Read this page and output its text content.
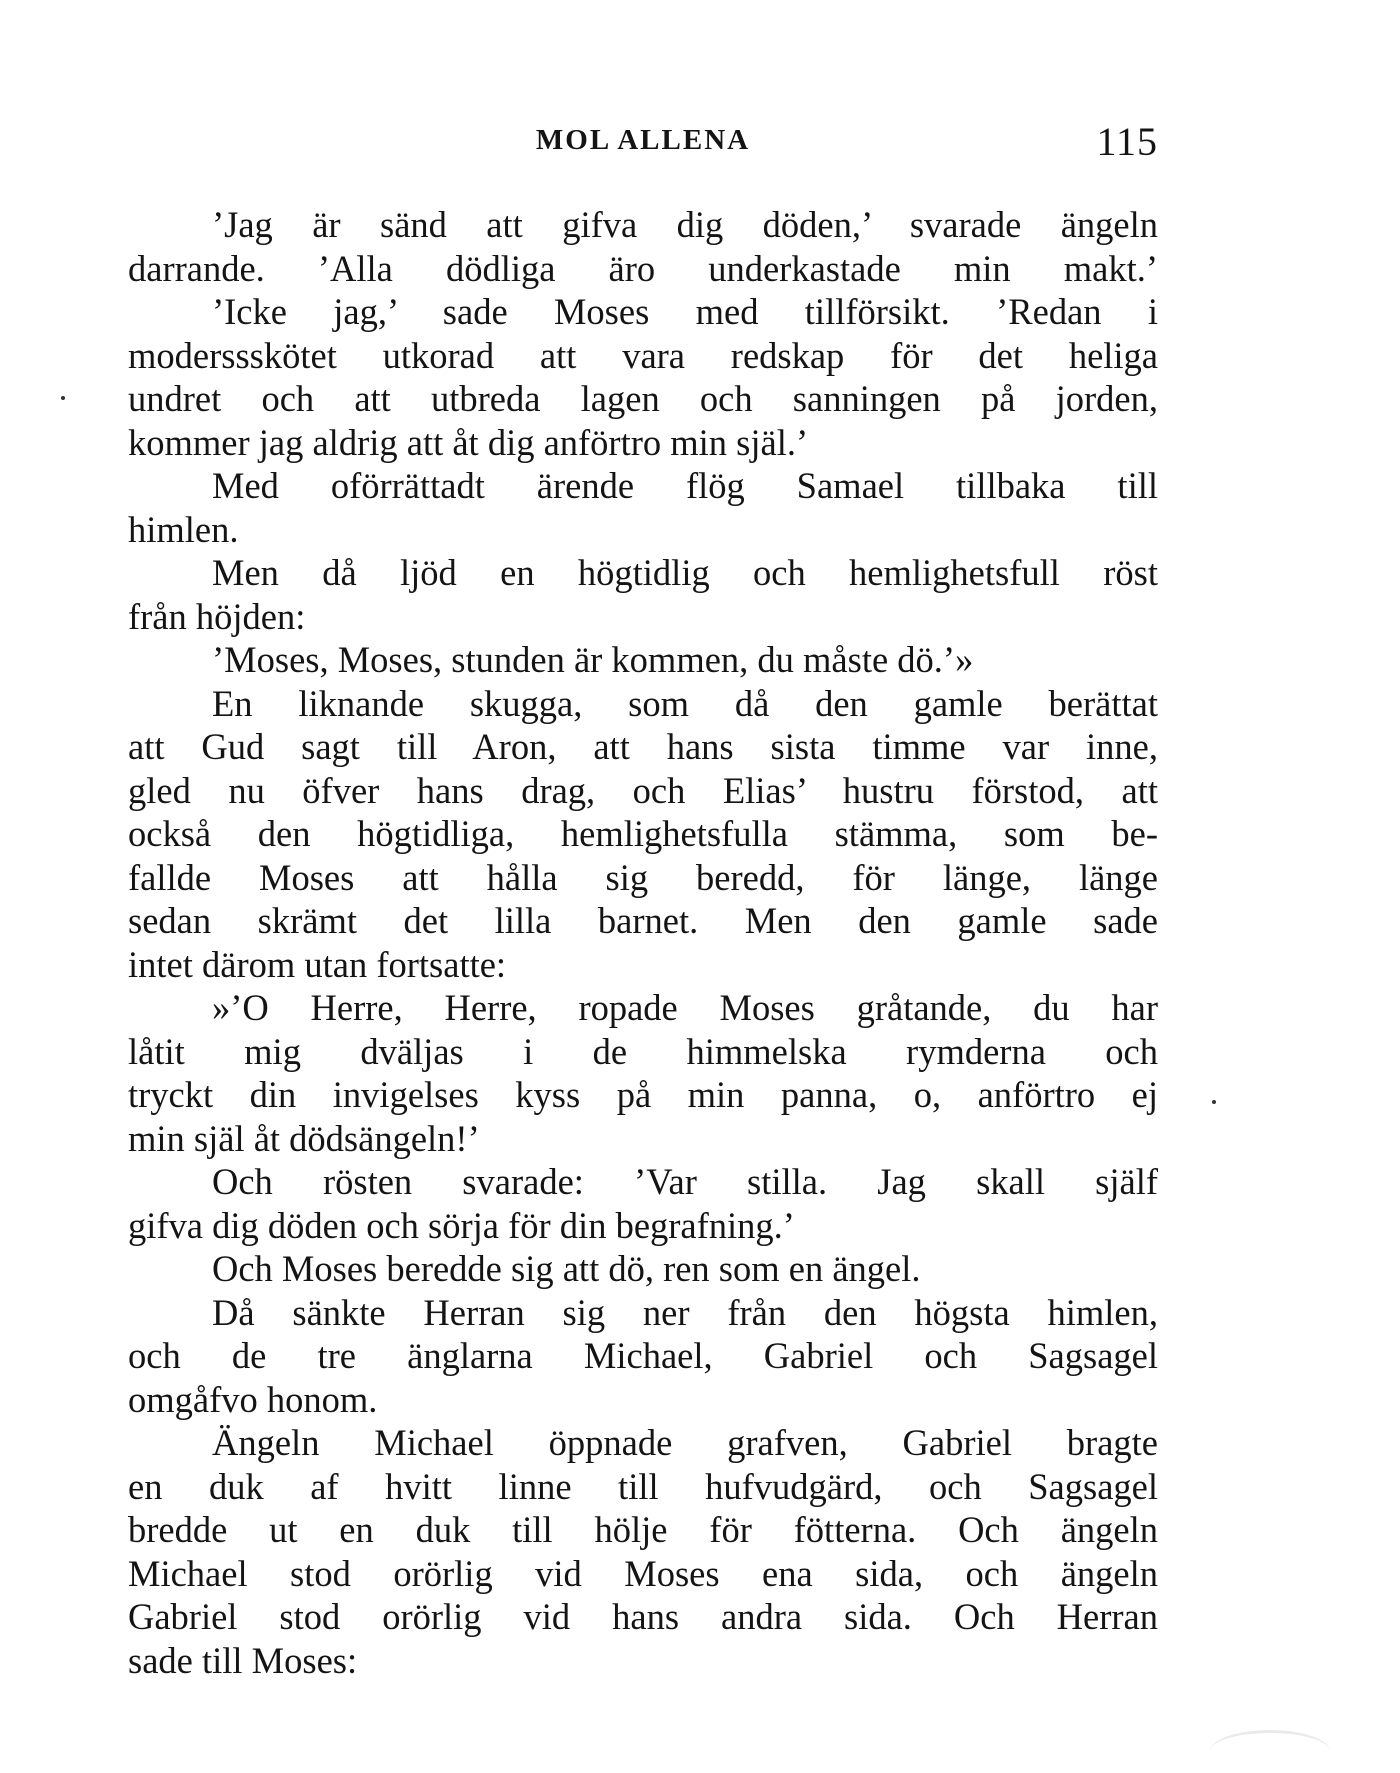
MOL ALLENA	115
’Jag är sänd att gifva dig döden,’ svarade ängeln
darrande. ’Alla dödliga äro underkastade min makt.’
’Icke jag,’ sade Moses med tillförsikt. ’Redan i
moderssskötet utkorad att vara redskap för det heliga
undret och att utbreda lagen och sanningen på jorden,
kommer jag aldrig att åt dig anförtro min själ.’
Med oförrättadt ärende flög Samael tillbaka till
himlen.
Men då ljöd en högtidlig och hemlighetsfull röst
från höjden:
’Moses, Moses, stunden är kommen, du måste dö.’»
En liknande skugga, som då den gamle berättat
att Gud sagt till Aron, att hans sista timme var inne,
gled nu öfver hans drag, och Elias’ hustru förstod, att
också den högtidliga, hemlighetsfulla stämma, som be-
fallde Moses att hålla sig beredd, för länge, länge
sedan skrämt det lilla barnet. Men den gamle sade
intet därom utan fortsatte:
»’O Herre, Herre, ropade Moses gråtande, du har
låtit mig dväljas i de himmelska rymderna och
tryckt din invigelses kyss på min panna, o, anförtro ej
min själ åt dödsängeln!’
Och rösten svarade: ’Var stilla. Jag skall själf
gifva dig döden och sörja för din begrafning.’
Och Moses beredde sig att dö, ren som en ängel.
Då sänkte Herran sig ner från den högsta himlen,
och de tre änglarna Michael, Gabriel och Sagsagel
omgåfvo honom.
Ängeln Michael öppnade grafven, Gabriel bragte
en duk af hvitt linne till hufvudgärd, och Sagsagel
bredde ut en duk till hölje för fötterna. Och ängeln
Michael stod orörlig vid Moses ena sida, och ängeln
Gabriel stod orörlig vid hans andra sida. Och Herran
sade till Moses:
